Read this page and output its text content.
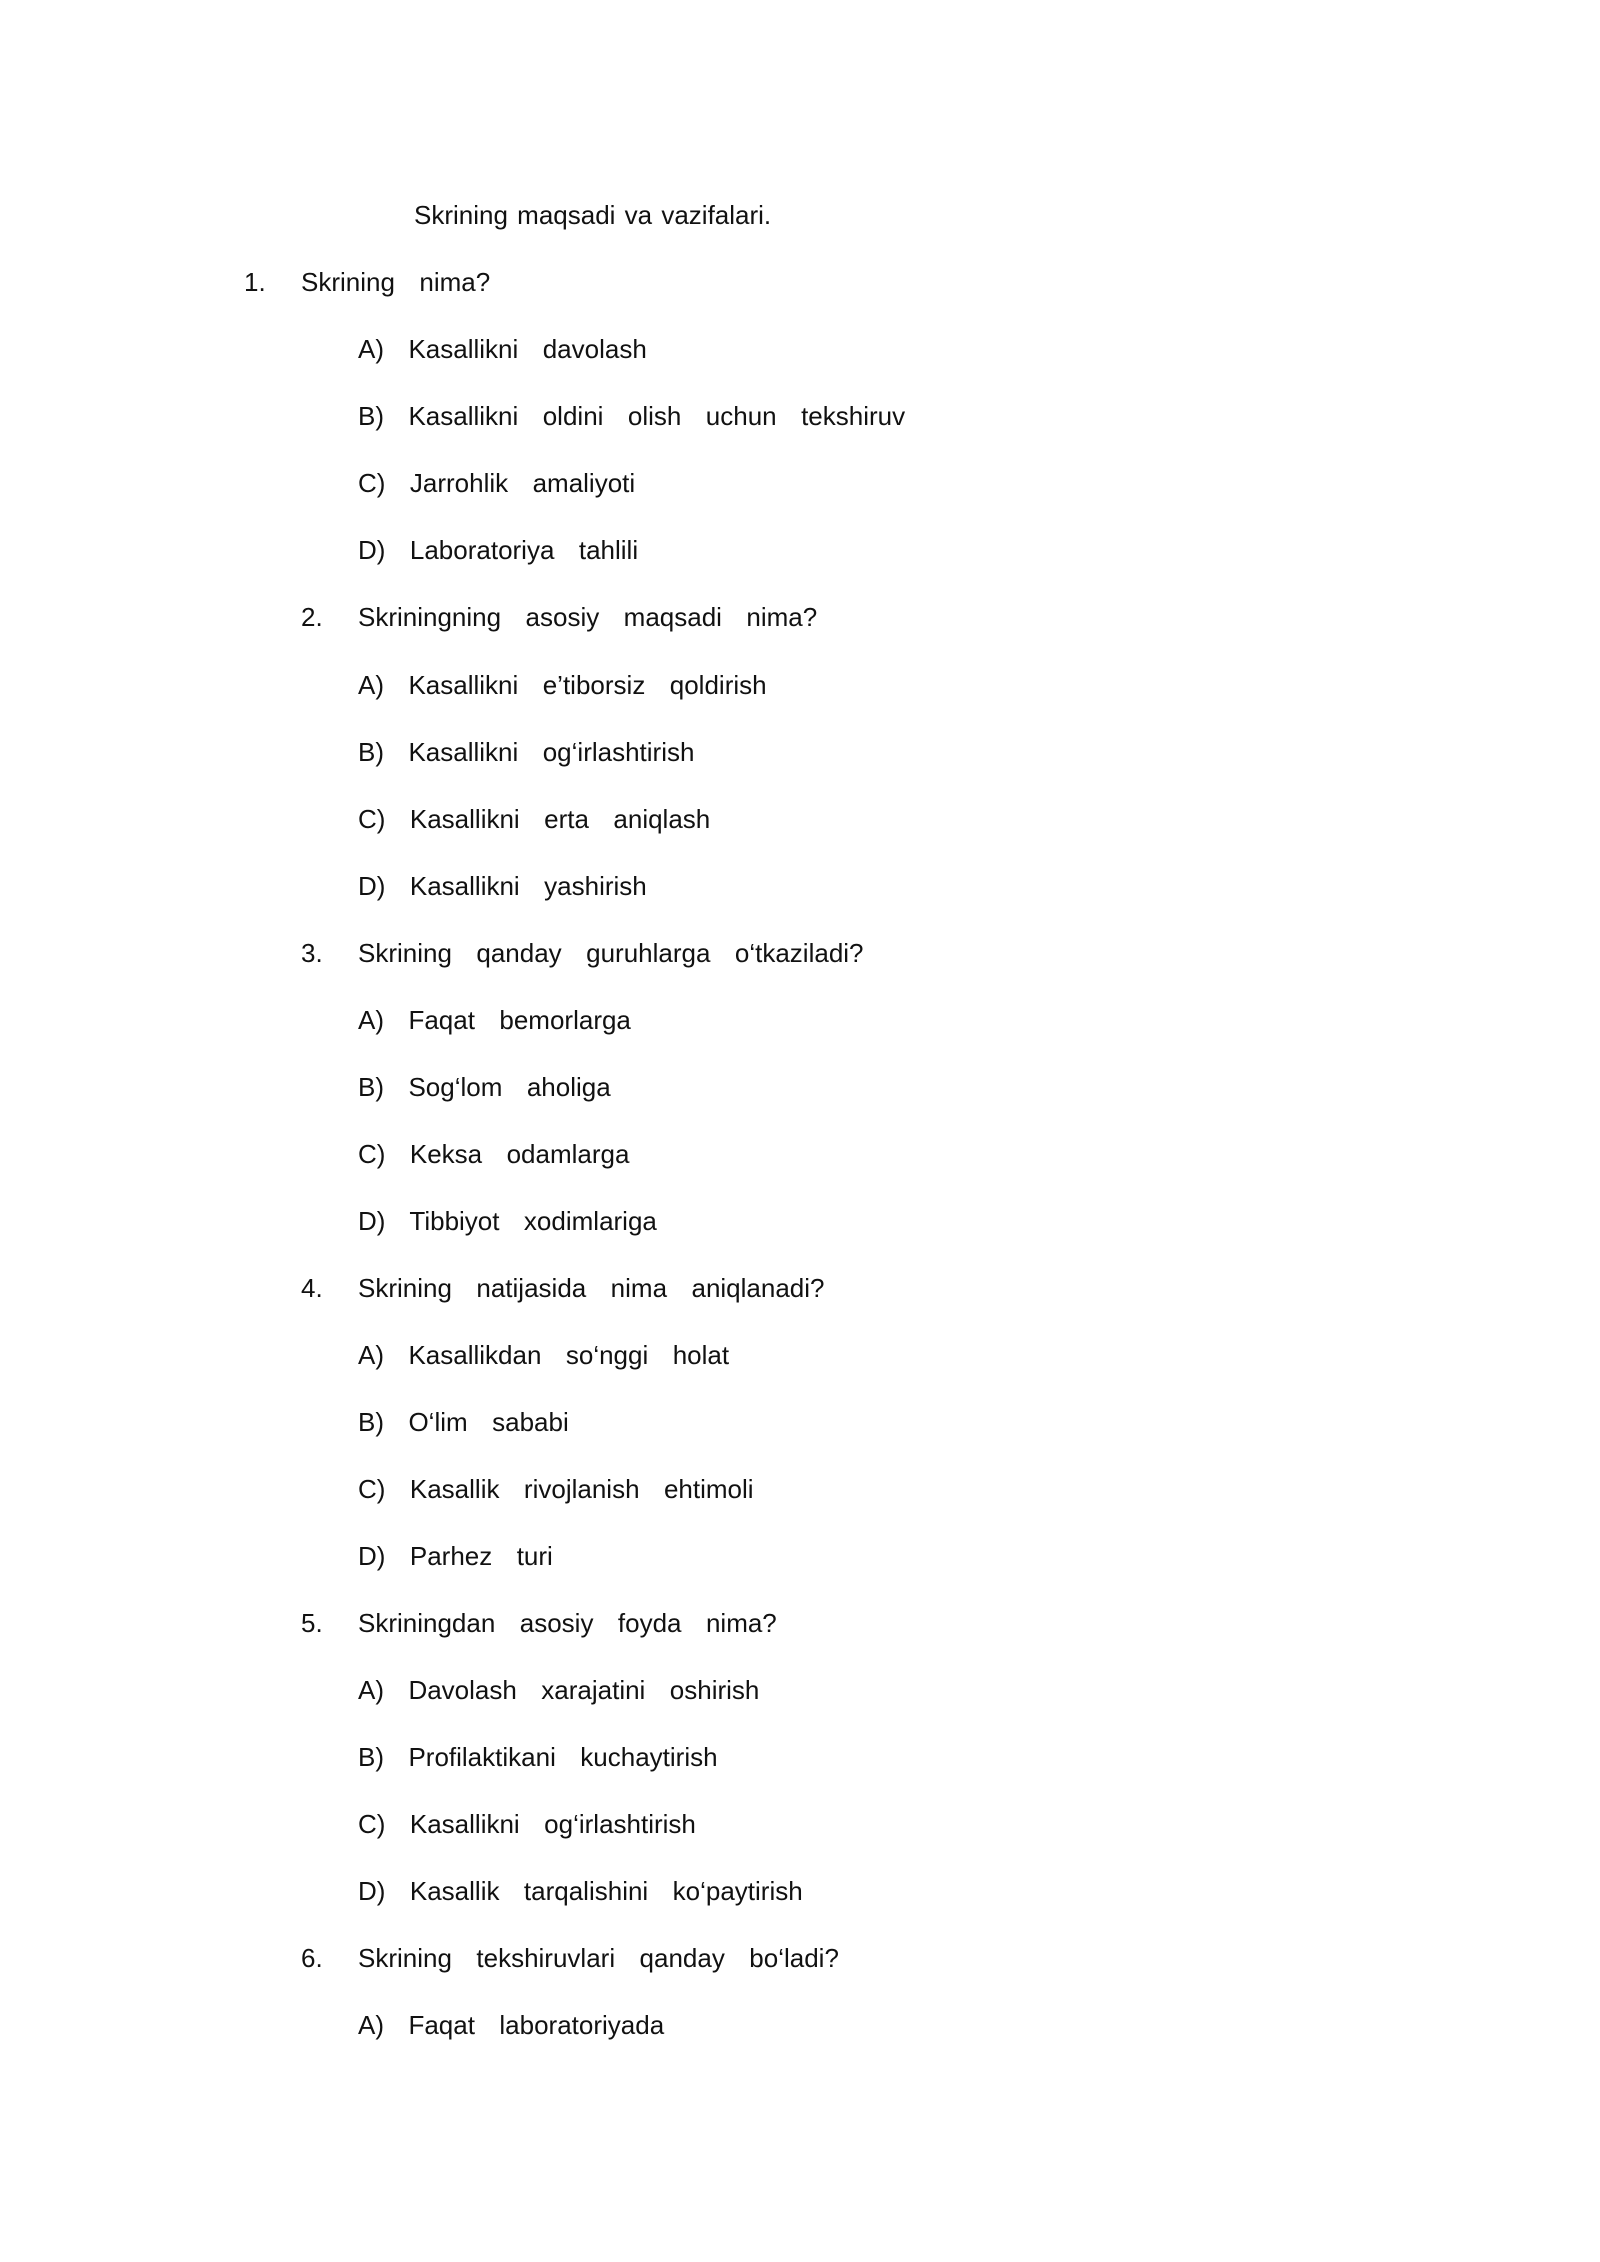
Skrining maqsadi va vazifalari.
1. Skrining  nima?
A)  Kasallikni  davolash
B)  Kasallikni  oldini  olish  uchun  tekshiruv
C)  Jarrohlik  amaliyoti
D)  Laboratoriya  tahlili
2. Skriningning  asosiy  maqsadi  nima?
A)  Kasallikni  e’tiborsiz  qoldirish
B)  Kasallikni  og‘irlashtirish
C)  Kasallikni  erta  aniqlash
D)  Kasallikni  yashirish
3. Skrining  qanday  guruhlarga  o‘tkaziladi?
A)  Faqat  bemorlarga
B)  Sog‘lom  aholiga
C)  Keksa  odamlarga
D)  Tibbiyot  xodimlariga
4. Skrining  natijasida  nima  aniqlanadi?
A)  Kasallikdan  so‘nggi  holat
B)  O‘lim  sababi
C)  Kasallik  rivojlanish  ehtimoli
D)  Parhez  turi
5. Skriningdan  asosiy  foyda  nima?
A)  Davolash  xarajatini  oshirish
B)  Profilaktikani  kuchaytirish
C)  Kasallikni  og‘irlashtirish
D)  Kasallik  tarqalishini  ko‘paytirish
6. Skrining  tekshiruvlari  qanday  bo‘ladi?
A)  Faqat  laboratoriyada
